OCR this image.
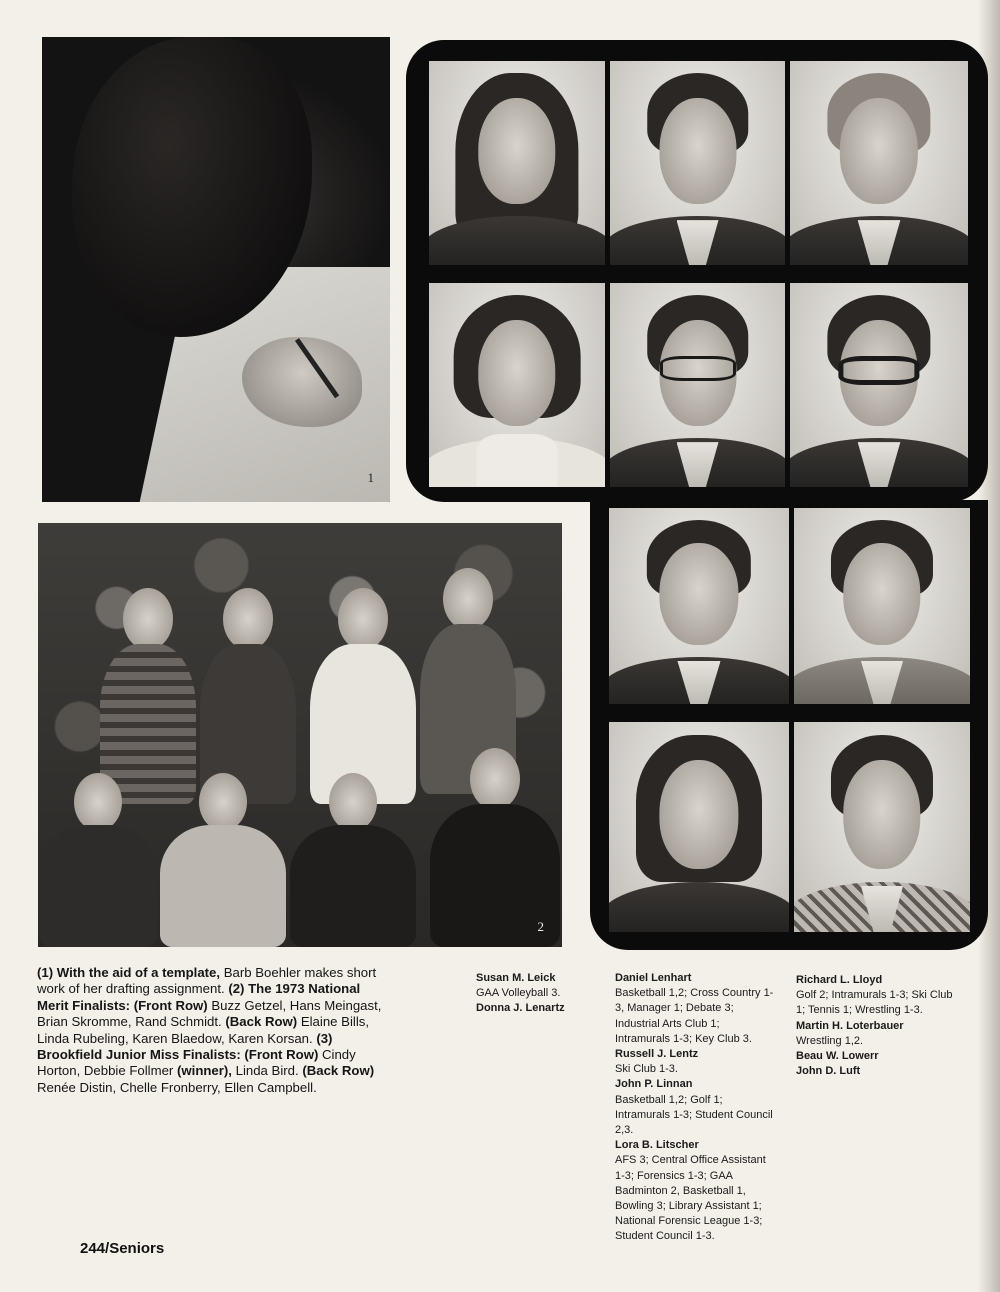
1
2
(1) With the aid of a template, Barb Boehler makes short work of her drafting assignment. (2) The 1973 National Merit Finalists: (Front Row) Buzz Getzel, Hans Meingast, Brian Skromme, Rand Schmidt. (Back Row) Elaine Bills, Linda Rubeling, Karen Blaedow, Karen Korsan. (3) Brookfield Junior Miss Finalists: (Front Row) Cindy Horton, Debbie Follmer (winner), Linda Bird. (Back Row) Renée Distin, Chelle Fronberry, Ellen Campbell.
Susan M. Leick
GAA Volleyball 3.
Donna J. Lenartz
Daniel Lenhart
Basketball 1,2; Cross Country 1-3, Manager 1; Debate 3; Industrial Arts Club 1; Intramurals 1-3; Key Club 3.
Russell J. Lentz
Ski Club 1-3.
John P. Linnan
Basketball 1,2; Golf 1; Intramurals 1-3; Student Council 2,3.
Lora B. Litscher
AFS 3; Central Office Assistant 1-3; Forensics 1-3; GAA Badminton 2, Basketball 1, Bowling 3; Library Assistant 1; National Forensic League 1-3; Student Council 1-3.
Richard L. Lloyd
Golf 2; Intramurals 1-3; Ski Club 1; Tennis 1; Wrestling 1-3.
Martin H. Loterbauer
Wrestling 1,2.
Beau W. Lowerr
John D. Luft
244/Seniors
